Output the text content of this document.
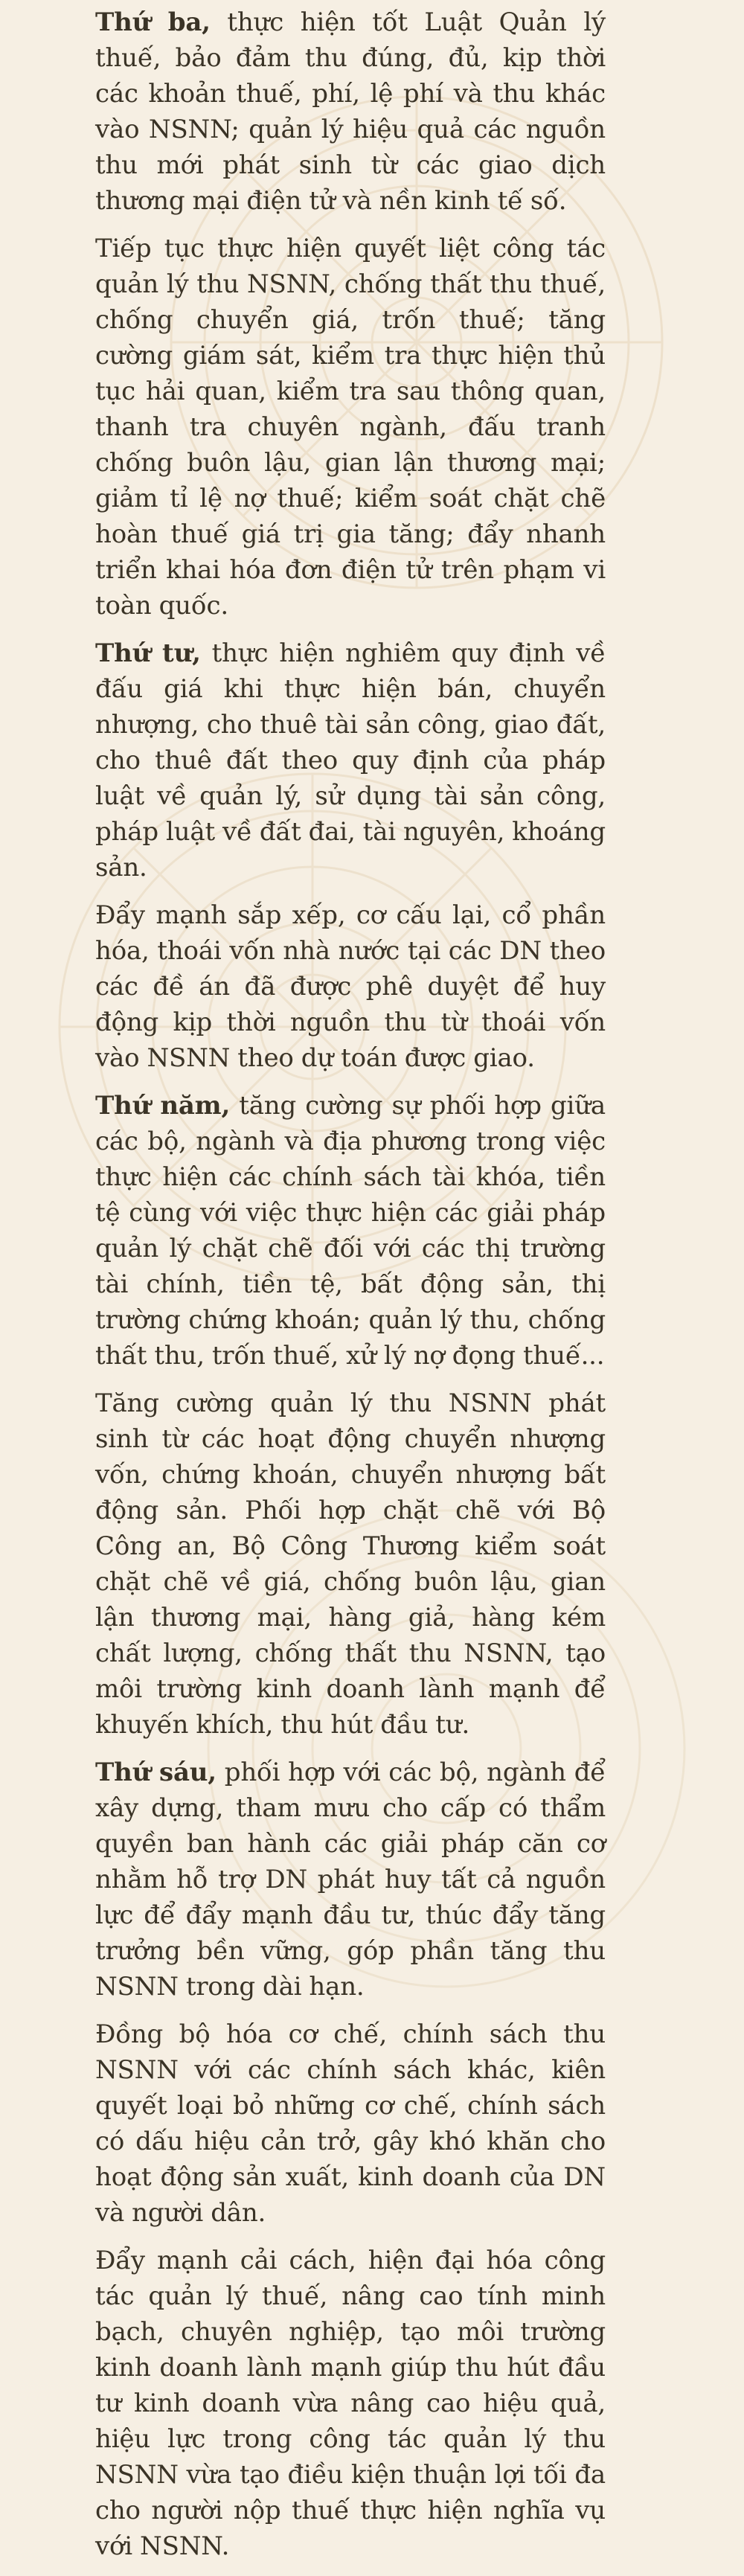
Thứ ba, thực hiện tốt Luật Quản lý thuế, bảo đảm thu đúng, đủ, kịp thời các khoản thuế, phí, lệ phí và thu khác vào NSNN; quản lý hiệu quả các nguồn thu mới phát sinh từ các giao dịch thương mại điện tử và nền kinh tế số.

Tiếp tục thực hiện quyết liệt công tác quản lý thu NSNN, chống thất thu thuế, chống chuyển giá, trốn thuế; tăng cường giám sát, kiểm tra thực hiện thủ tục hải quan, kiểm tra sau thông quan, thanh tra chuyên ngành, đấu tranh chống buôn lậu, gian lận thương mại; giảm tỉ lệ nợ thuế; kiểm soát chặt chẽ hoàn thuế giá trị gia tăng; đẩy nhanh triển khai hóa đơn điện tử trên phạm vi toàn quốc.

Thứ tư, thực hiện nghiêm quy định về đấu giá khi thực hiện bán, chuyển nhượng, cho thuê tài sản công, giao đất, cho thuê đất theo quy định của pháp luật về quản lý, sử dụng tài sản công, pháp luật về đất đai, tài nguyên, khoáng sản.

Đẩy mạnh sắp xếp, cơ cấu lại, cổ phần hóa, thoái vốn nhà nước tại các DN theo các đề án đã được phê duyệt để huy động kịp thời nguồn thu từ thoái vốn vào NSNN theo dự toán được giao.

Thứ năm, tăng cường sự phối hợp giữa các bộ, ngành và địa phương trong việc thực hiện các chính sách tài khóa, tiền tệ cùng với việc thực hiện các giải pháp quản lý chặt chẽ đối với các thị trường tài chính, tiền tệ, bất động sản, thị trường chứng khoán; quản lý thu, chống thất thu, trốn thuế, xử lý nợ đọng thuế...

Tăng cường quản lý thu NSNN phát sinh từ các hoạt động chuyển nhượng vốn, chứng khoán, chuyển nhượng bất động sản. Phối hợp chặt chẽ với Bộ Công an, Bộ Công Thương kiểm soát chặt chẽ về giá, chống buôn lậu, gian lận thương mại, hàng giả, hàng kém chất lượng, chống thất thu NSNN, tạo môi trường kinh doanh lành mạnh để khuyến khích, thu hút đầu tư.

Thứ sáu, phối hợp với các bộ, ngành để xây dựng, tham mưu cho cấp có thẩm quyền ban hành các giải pháp căn cơ nhằm hỗ trợ DN phát huy tất cả nguồn lực để đẩy mạnh đầu tư, thúc đẩy tăng trưởng bền vững, góp phần tăng thu NSNN trong dài hạn.

Đồng bộ hóa cơ chế, chính sách thu NSNN với các chính sách khác, kiên quyết loại bỏ những cơ chế, chính sách có dấu hiệu cản trở, gây khó khăn cho hoạt động sản xuất, kinh doanh của DN và người dân.

Đẩy mạnh cải cách, hiện đại hóa công tác quản lý thuế, nâng cao tính minh bạch, chuyên nghiệp, tạo môi trường kinh doanh lành mạnh giúp thu hút đầu tư kinh doanh vừa nâng cao hiệu quả, hiệu lực trong công tác quản lý thu NSNN vừa tạo điều kiện thuận lợi tối đa cho người nộp thuế thực hiện nghĩa vụ với NSNN.
